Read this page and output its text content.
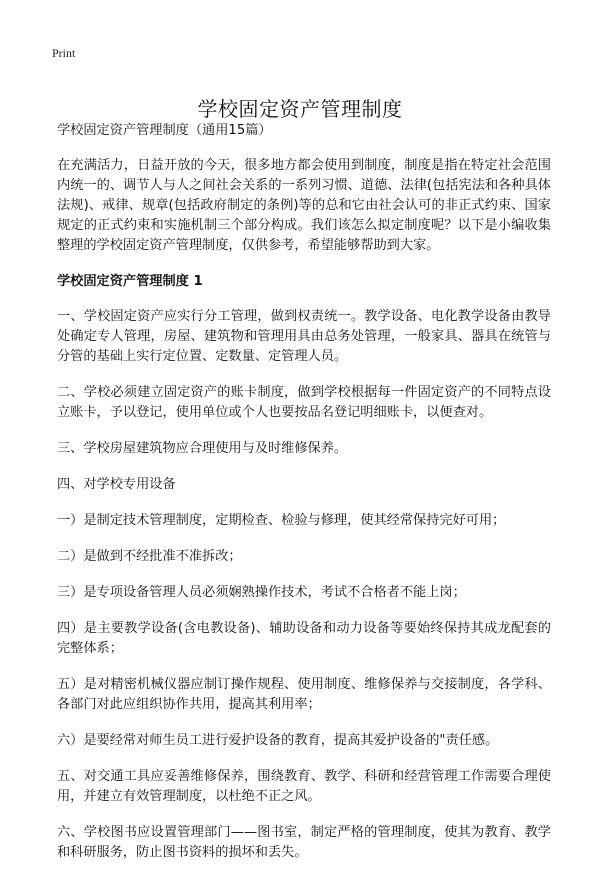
Print
学校固定资产管理制度

学校固定资产管理制度（通用15篇）

在充满活力，日益开放的今天，很多地方都会使用到制度，制度是指在特定社会范围内统一的、调节人与人之间社会关系的一系列习惯、道德、法律(包括宪法和各种具体法规)、戒律、规章(包括政府制定的条例)等的总和它由社会认可的非正式约束、国家规定的正式约束和实施机制三个部分构成。我们该怎么拟定制度呢？以下是小编收集整理的学校固定资产管理制度，仅供参考，希望能够帮助到大家。

学校固定资产管理制度 1

一、学校固定资产应实行分工管理，做到权责统一。教学设备、电化教学设备由教导处确定专人管理，房屋、建筑物和管理用具由总务处管理，一般家具、器具在统管与分管的基础上实行定位置、定数量、定管理人员。

二、学校必须建立固定资产的账卡制度，做到学校根据每一件固定资产的不同特点设立账卡，予以登记，使用单位或个人也要按品名登记明细账卡，以便查对。

三、学校房屋建筑物应合理使用与及时维修保养。

四、对学校专用设备

一）是制定技术管理制度，定期检查、检验与修理，使其经常保持完好可用；

二）是做到不经批准不准拆改；

三）是专项设备管理人员必须娴熟操作技术，考试不合格者不能上岗；

四）是主要教学设备(含电教设备)、辅助设备和动力设备等要始终保持其成龙配套的完整体系；

五）是对精密机械仪器应制订操作规程、使用制度、维修保养与交接制度，各学科、各部门对此应组织协作共用，提高其利用率；

六）是要经常对师生员工进行爱护设备的教育，提高其爱护设备的"责任感。

五、对交通工具应妥善维修保养，围绕教育、教学、科研和经营管理工作需要合理使用，并建立有效管理制度，以杜绝不正之风。

六、学校图书应设置管理部门——图书室，制定严格的管理制度，使其为教育、教学和科研服务，防止图书资料的损坏和丢失。
